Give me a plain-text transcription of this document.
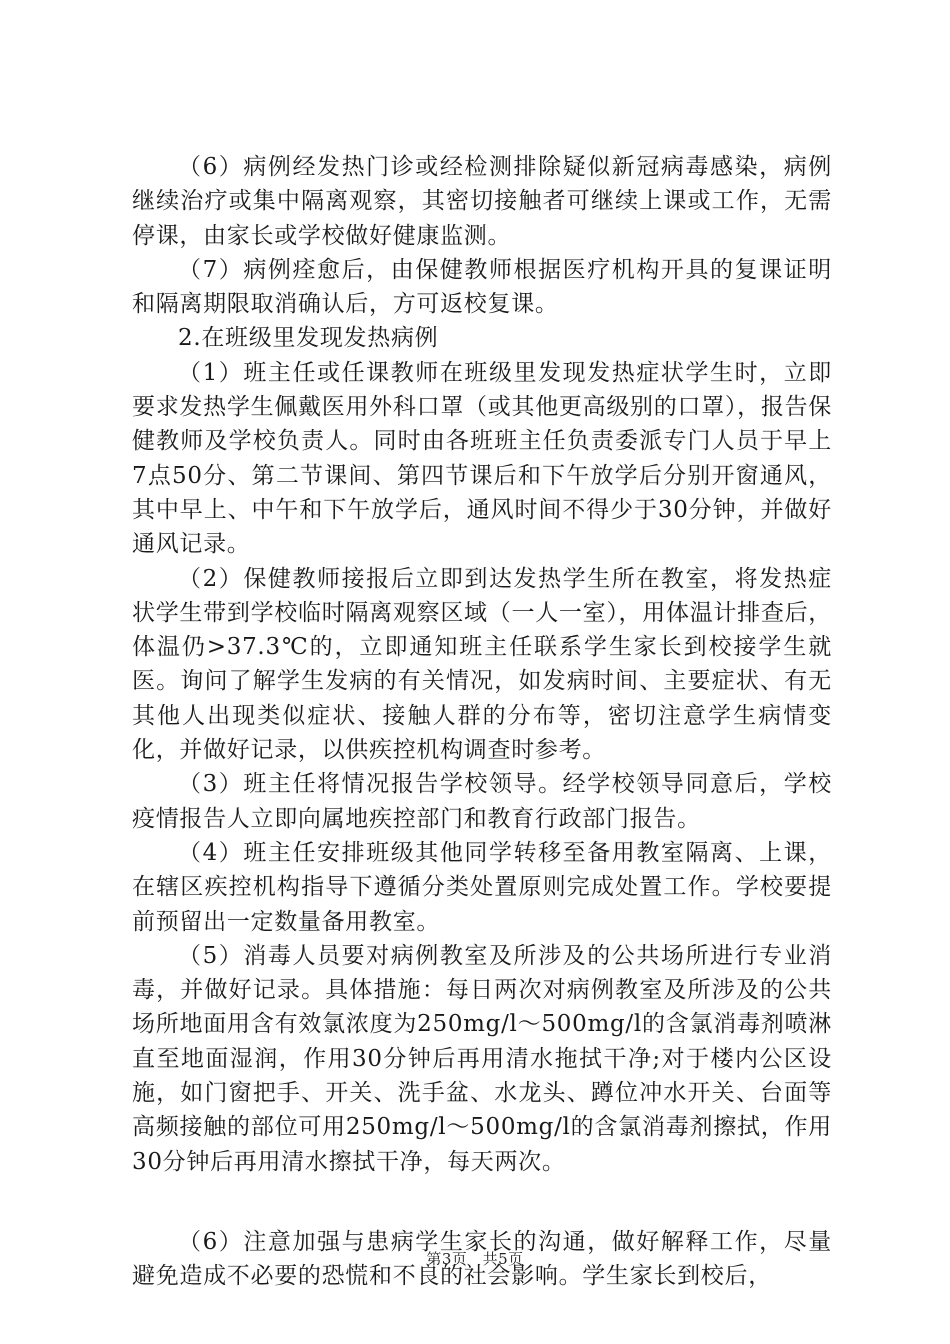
（6）病例经发热门诊或经检测排除疑似新冠病毒感染，病例继续治疗或集中隔离观察，其密切接触者可继续上课或工作，无需停课，由家长或学校做好健康监测。

（7）病例痊愈后，由保健教师根据医疗机构开具的复课证明和隔离期限取消确认后，方可返校复课。

2.在班级里发现发热病例

（1）班主任或任课教师在班级里发现发热症状学生时，立即要求发热学生佩戴医用外科口罩（或其他更高级别的口罩），报告保健教师及学校负责人。同时由各班班主任负责委派专门人员于早上7点50分、第二节课间、第四节课后和下午放学后分别开窗通风，其中早上、中午和下午放学后，通风时间不得少于30分钟，并做好通风记录。

（2）保健教师接报后立即到达发热学生所在教室，将发热症状学生带到学校临时隔离观察区域（一人一室），用体温计排查后，体温仍>37.3℃的，立即通知班主任联系学生家长到校接学生就医。询问了解学生发病的有关情况，如发病时间、主要症状、有无其他人出现类似症状、接触人群的分布等，密切注意学生病情变化，并做好记录，以供疾控机构调查时参考。

（3）班主任将情况报告学校领导。经学校领导同意后，学校疫情报告人立即向属地疾控部门和教育行政部门报告。

（4）班主任安排班级其他同学转移至备用教室隔离、上课，在辖区疾控机构指导下遵循分类处置原则完成处置工作。学校要提前预留出一定数量备用教室。

（5）消毒人员要对病例教室及所涉及的公共场所进行专业消毒，并做好记录。具体措施：每日两次对病例教室及所涉及的公共场所地面用含有效氯浓度为250mg/l～500mg/l的含氯消毒剂喷淋直至地面湿润，作用30分钟后再用清水拖拭干净;对于楼内公区设施，如门窗把手、开关、洗手盆、水龙头、蹲位冲水开关、台面等高频接触的部位可用250mg/l～500mg/l的含氯消毒剂擦拭，作用30分钟后再用清水擦拭干净，每天两次。

（6）注意加强与患病学生家长的沟通，做好解释工作，尽量避免造成不必要的恐慌和不良的社会影响。学生家长到校后，

第3页 共5页
